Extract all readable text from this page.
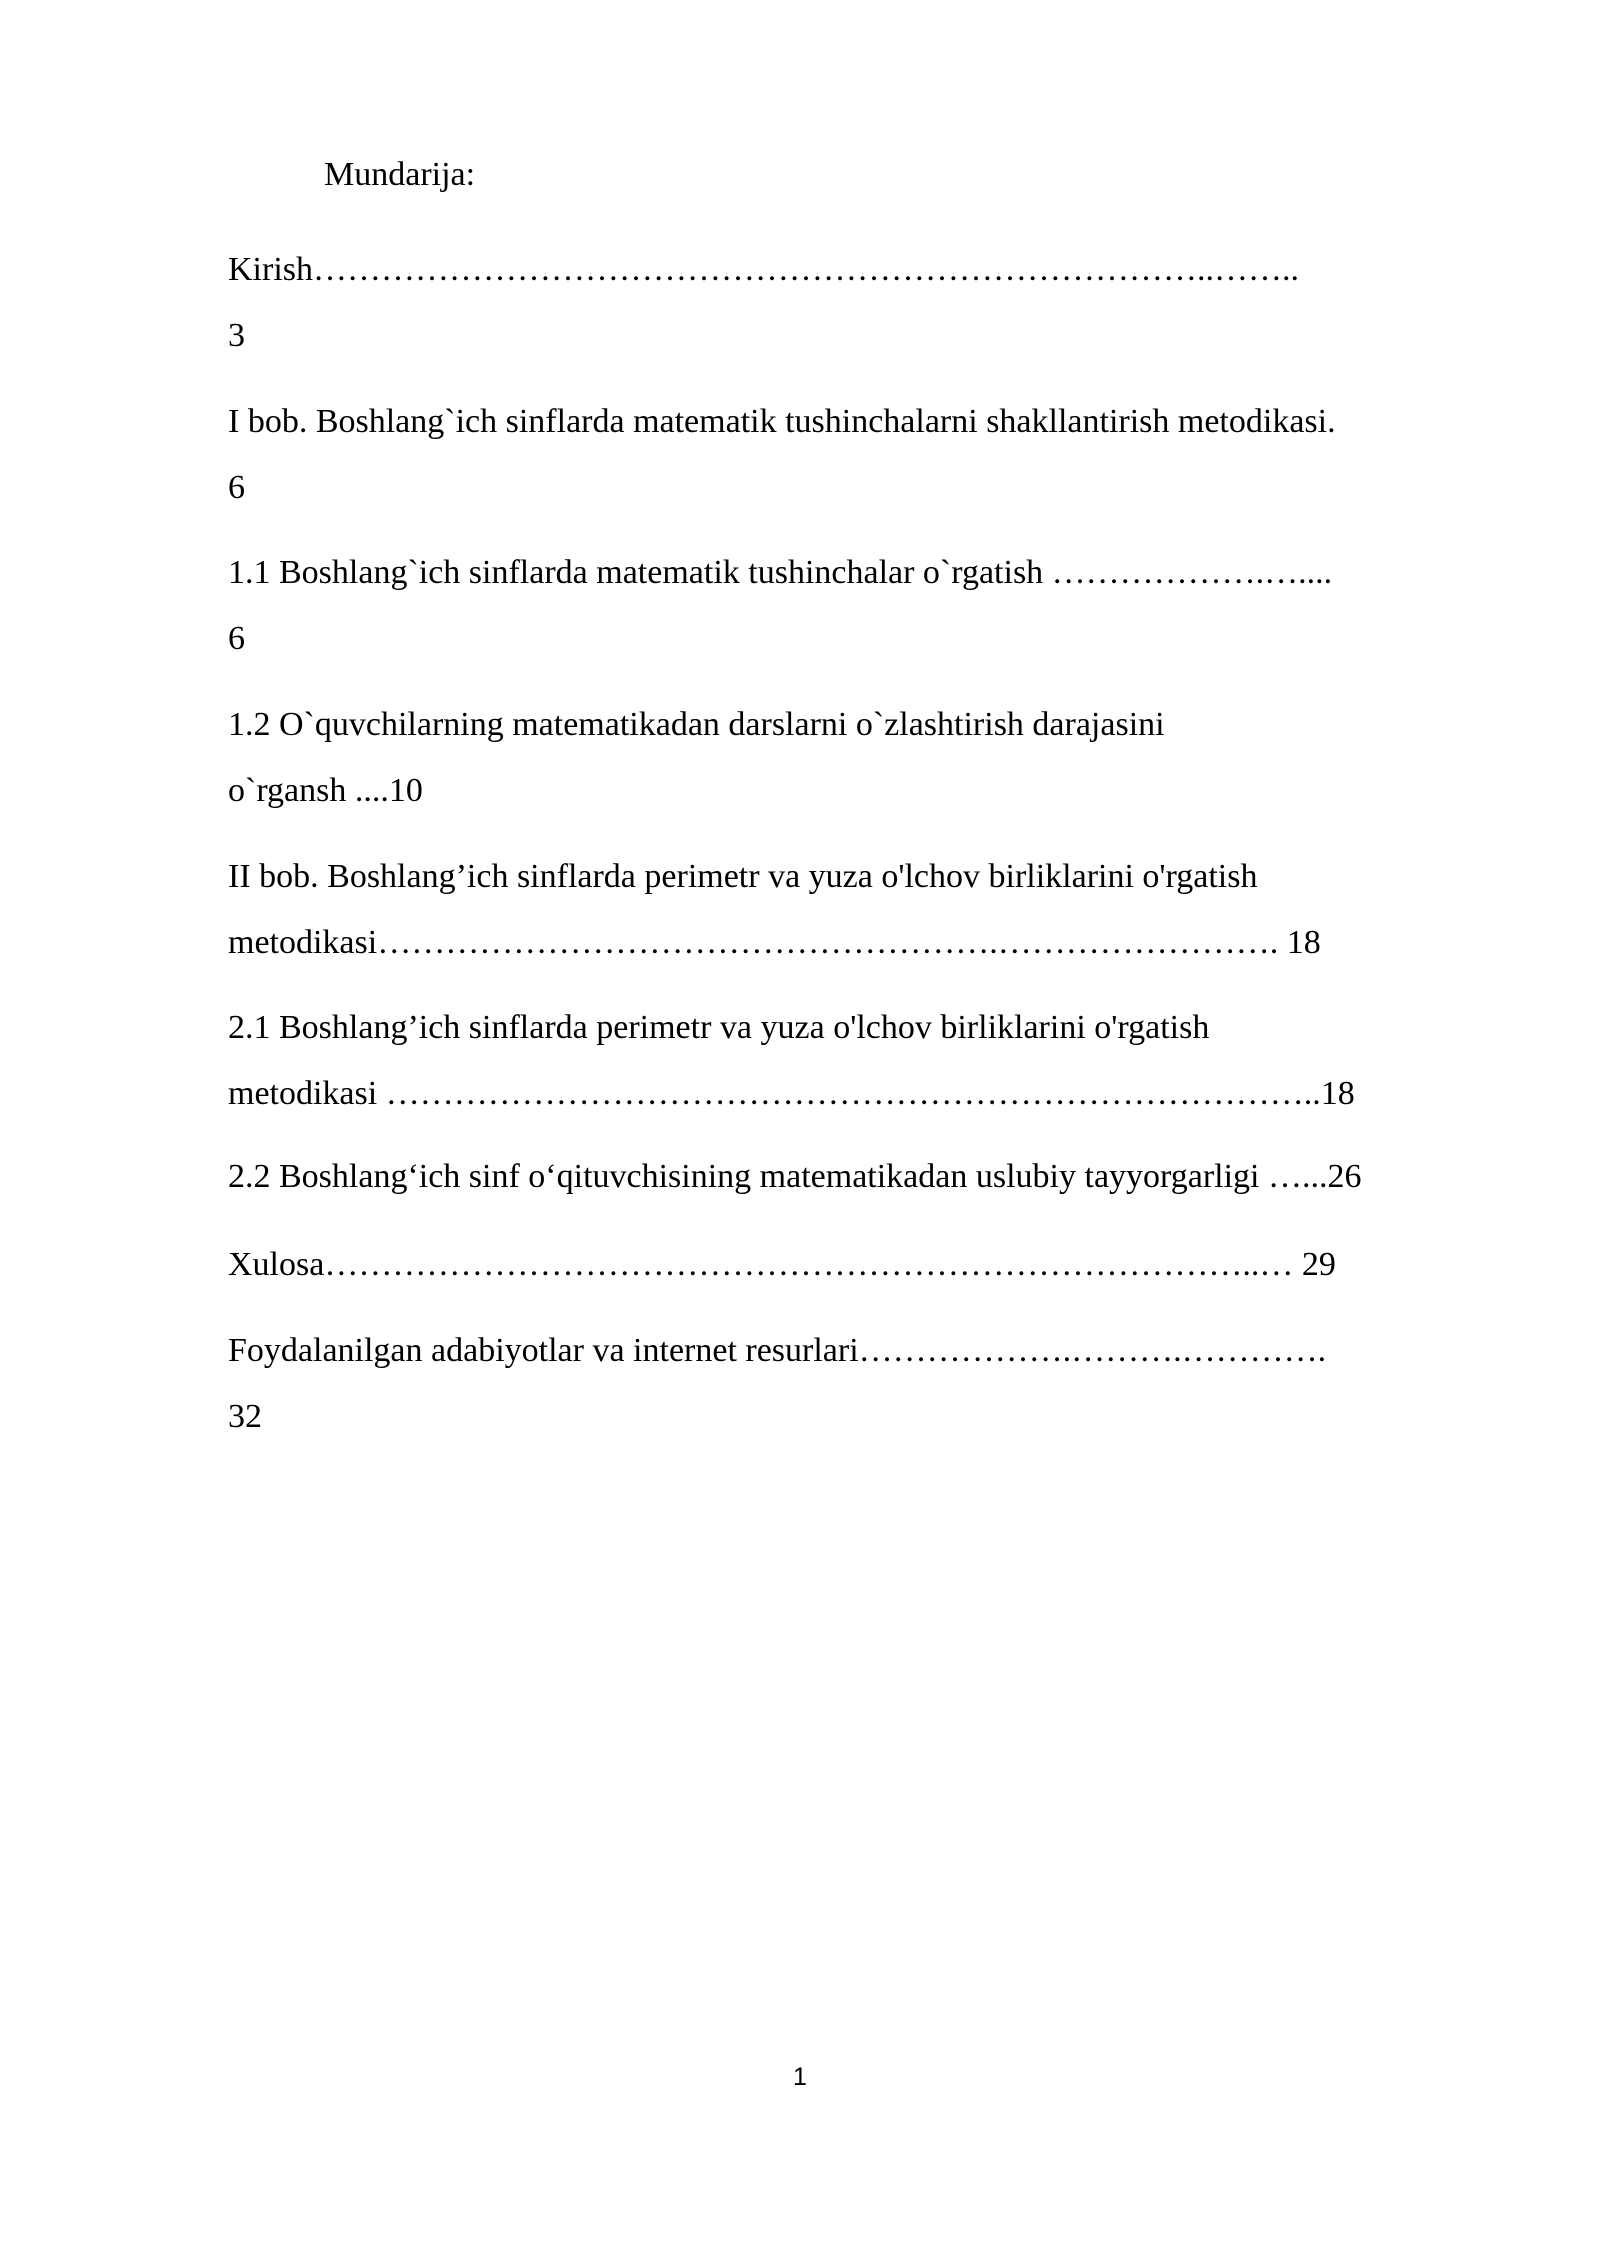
Mundarija:
Kirish……………………………………………………………………..……..
3
I bob. Boshlang`ich sinflarda matematik tushinchalarni shakllantirish metodikasi.
6
1.1 Boshlang`ich sinflarda matematik tushinchalar o`rgatish ……………….…....
6
1.2 O`quvchilarning matematikadan darslarni o`zlashtirish darajasini
o`rgansh ....10
II bob. Boshlang’ich sinflarda perimetr va yuza o'lchov birliklarini o'rgatish
metodikasi……………………………………………….……………………. 18
2.1 Boshlang’ich sinflarda perimetr va yuza o'lchov birliklarini o'rgatish
metodikasi ………………………………………………………………………..18
2.2 Boshlang‘ich sinf o‘qituvchisining matematikadan uslubiy tayyorgarligi …...26
Xulosa………………………………………………………………………..… 29
Foydalanilgan adabiyotlar va internet resurlari……………….……….………….
32
1
